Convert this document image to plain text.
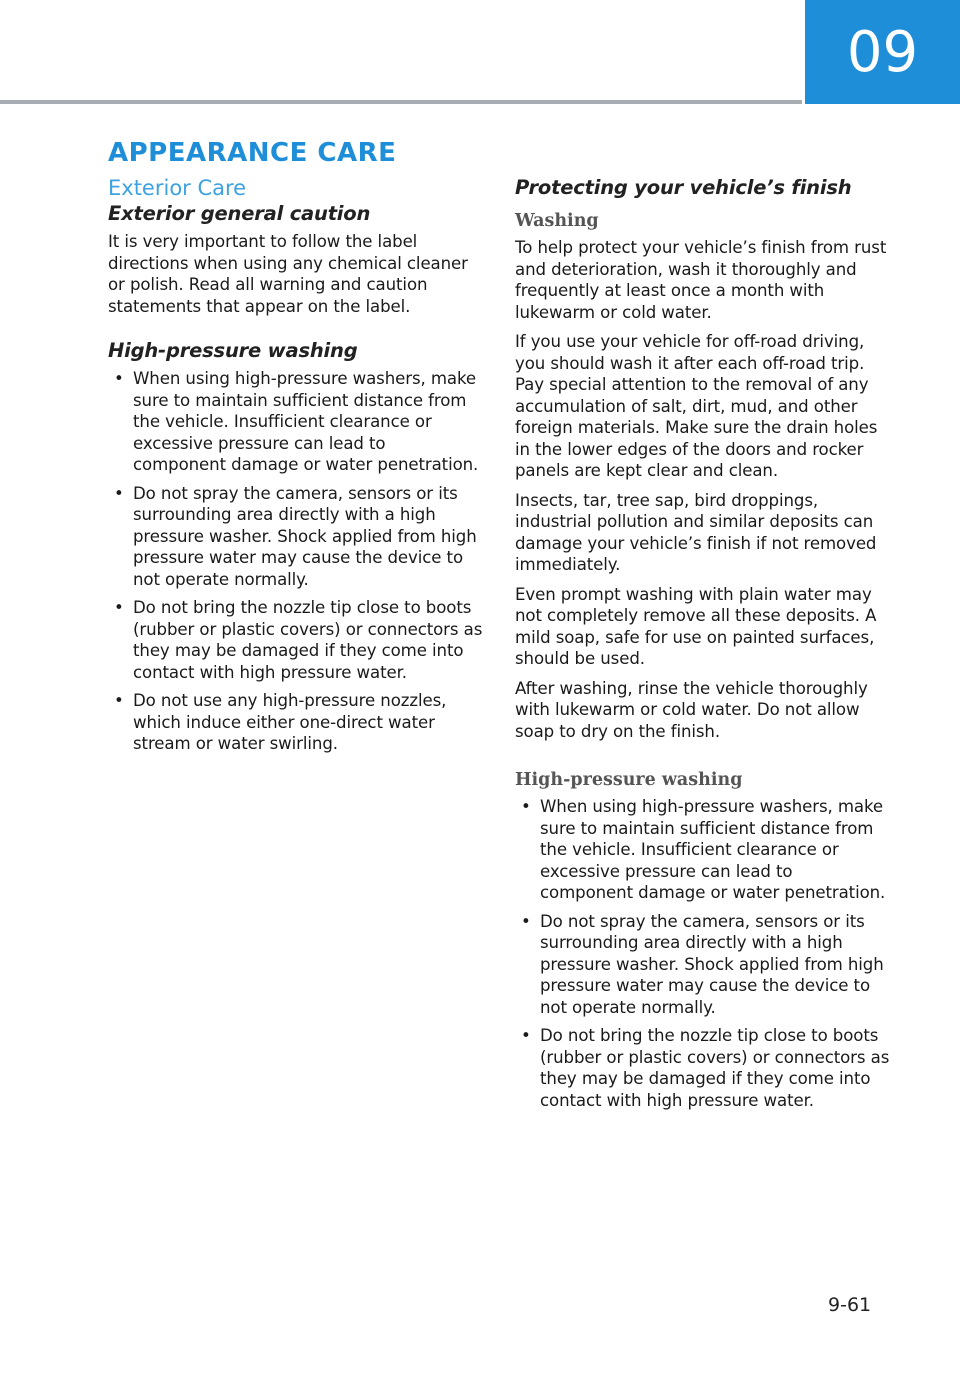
09
APPEARANCE CARE
Exterior Care
Exterior general caution

It is very important to follow the label directions when using any chemical cleaner or polish. Read all warning and caution statements that appear on the label.

High-pressure washing
• When using high-pressure washers, make sure to maintain sufficient distance from the vehicle. Insufficient clearance or excessive pressure can lead to component damage or water penetration.
• Do not spray the camera, sensors or its surrounding area directly with a high pressure washer. Shock applied from high pressure water may cause the device to not operate normally.
• Do not bring the nozzle tip close to boots (rubber or plastic covers) or connectors as they may be damaged if they come into contact with high pressure water.
• Do not use any high-pressure nozzles, which induce either one-direct water stream or water swirling.
Protecting your vehicle’s finish
Washing

To help protect your vehicle’s finish from rust and deterioration, wash it thoroughly and frequently at least once a month with lukewarm or cold water.

If you use your vehicle for off-road driving, you should wash it after each off-road trip. Pay special attention to the removal of any accumulation of salt, dirt, mud, and other foreign materials. Make sure the drain holes in the lower edges of the doors and rocker panels are kept clear and clean.

Insects, tar, tree sap, bird droppings, industrial pollution and similar deposits can damage your vehicle’s finish if not removed immediately.

Even prompt washing with plain water may not completely remove all these deposits. A mild soap, safe for use on painted surfaces, should be used.

After washing, rinse the vehicle thoroughly with lukewarm or cold water. Do not allow soap to dry on the finish.

High-pressure washing
• When using high-pressure washers, make sure to maintain sufficient distance from the vehicle. Insufficient clearance or excessive pressure can lead to component damage or water penetration.
• Do not spray the camera, sensors or its surrounding area directly with a high pressure washer. Shock applied from high pressure water may cause the device to not operate normally.
• Do not bring the nozzle tip close to boots (rubber or plastic covers) or connectors as they may be damaged if they come into contact with high pressure water.
9-61
